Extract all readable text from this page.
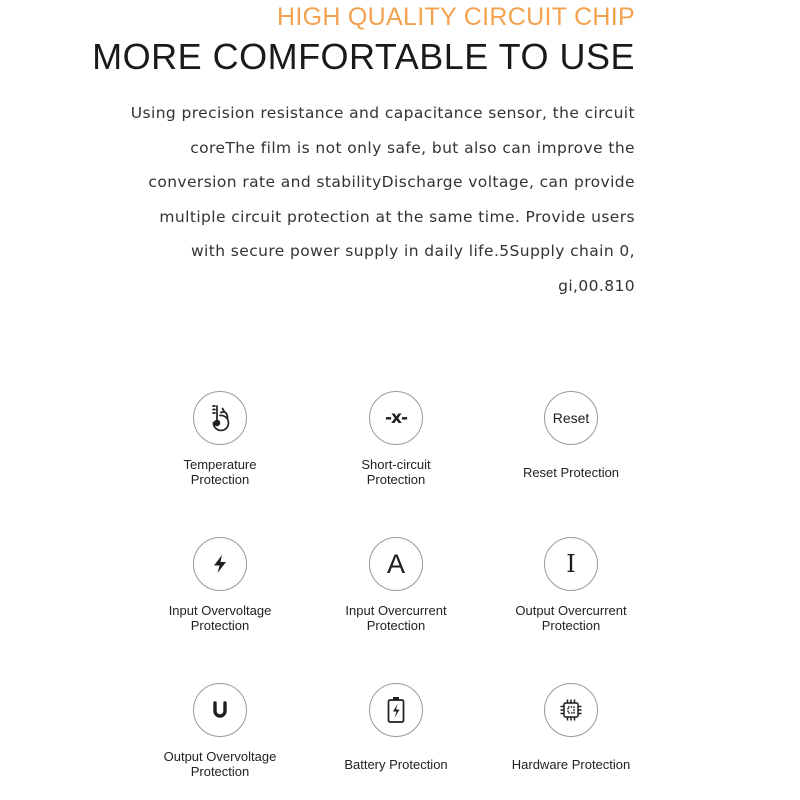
HIGH QUALITY CIRCUIT CHIP
MORE COMFORTABLE TO USE

Using precision resistance and capacitance sensor, the circuit

coreThe film is not only safe, but also can improve the

conversion rate and stabilityDischarge voltage, can provide

multiple circuit protection at the same time. Provide users

with secure power supply in daily life.5Supply chain 0,

gi,00.810

Temperature
Protection
-x-
Short-circuit
Protection
Reset
Reset Protection
Input Overvoltage
Protection
A
Input Overcurrent
Protection
I
Output Overcurrent
Protection
Output Overvoltage
Protection	Battery Protection	Hardware Protection
